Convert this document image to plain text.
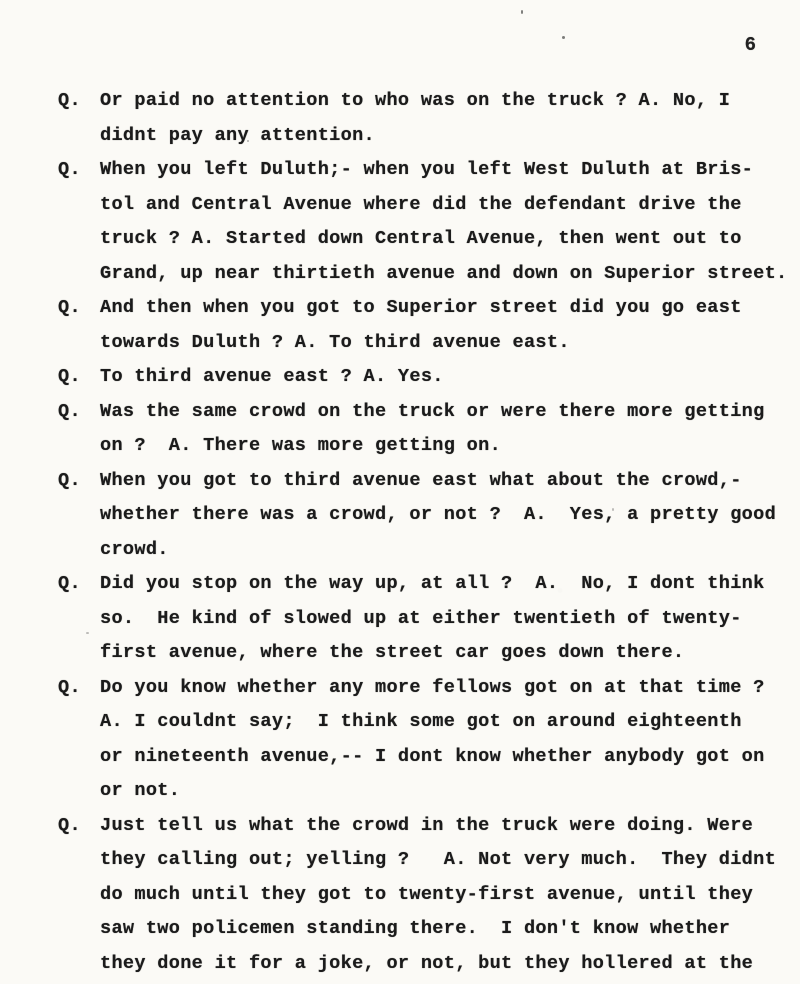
6
Q. Or paid no attention to who was on the truck ? A. No, I
didnt pay any attention.
Q. When you left Duluth;- when you left West Duluth at Bris-
tol and Central Avenue where did the defendant drive the
truck ? A. Started down Central Avenue, then went out to
Grand, up near thirtieth avenue and down on Superior street.
Q. And then when you got to Superior street did you go east
towards Duluth ? A. To third avenue east.
Q. To third avenue east ? A. Yes.
Q. Was the same crowd on the truck or were there more getting
on ?  A. There was more getting on.
Q. When you got to third avenue east what about the crowd,-
whether there was a crowd, or not ?  A.  Yes, a pretty good
crowd.
Q. Did you stop on the way up, at all ?  A.  No, I dont think
so.  He kind of slowed up at either twentieth of twenty-
first avenue, where the street car goes down there.
Q. Do you know whether any more fellows got on at that time ?
A. I couldnt say;  I think some got on around eighteenth
or nineteenth avenue,-- I dont know whether anybody got on
or not.
Q. Just tell us what the crowd in the truck were doing. Were
they calling out; yelling ?   A. Not very much.  They didnt
do much until they got to twenty-first avenue, until they
saw two policemen standing there.  I don't know whether
they done it for a joke, or not, but they hollered at the
